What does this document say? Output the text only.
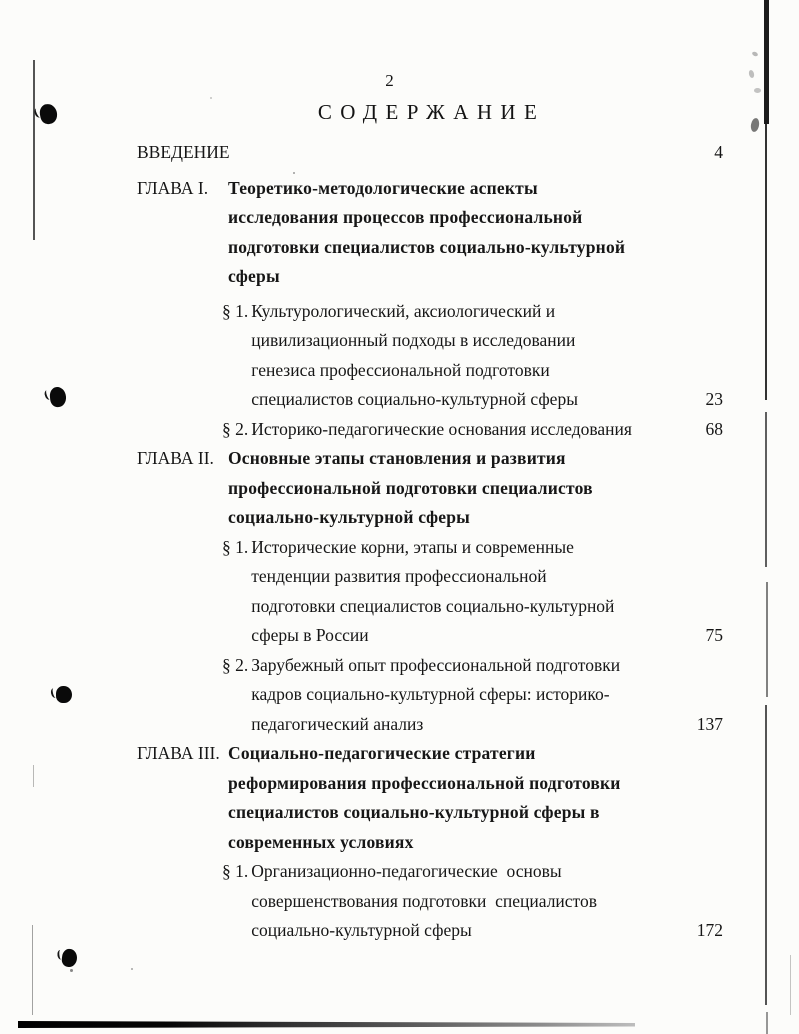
2
СОДЕРЖАНИЕ
ВВЕДЕНИЕ	4
ГЛАВА I.	Теоретико-методологические аспекты
исследования процессов профессиональной
подготовки специалистов социально-культурной
сферы
§ 1. Культурологический, аксиологический и
цивилизационный подходы в исследовании
генезиса профессиональной подготовки
специалистов социально-культурной сферы	23
§ 2. Историко-педагогические основания исследования	68
ГЛАВА II. Основные этапы становления и развития
профессиональной подготовки специалистов
социально-культурной сферы
§ 1. Исторические корни, этапы и современные
тенденции развития профессиональной
подготовки специалистов социально-культурной
сферы в России	75
§ 2. Зарубежный опыт профессиональной подготовки
кадров социально-культурной сферы: историко-
педагогический анализ	137
ГЛАВА III. Социально-педагогические стратегии
реформирования профессиональной подготовки
специалистов социально-культурной сферы в
современных условиях
§ 1. Организационно-педагогические  основы
совершенствования подготовки  специалистов
социально-культурной сферы	172
